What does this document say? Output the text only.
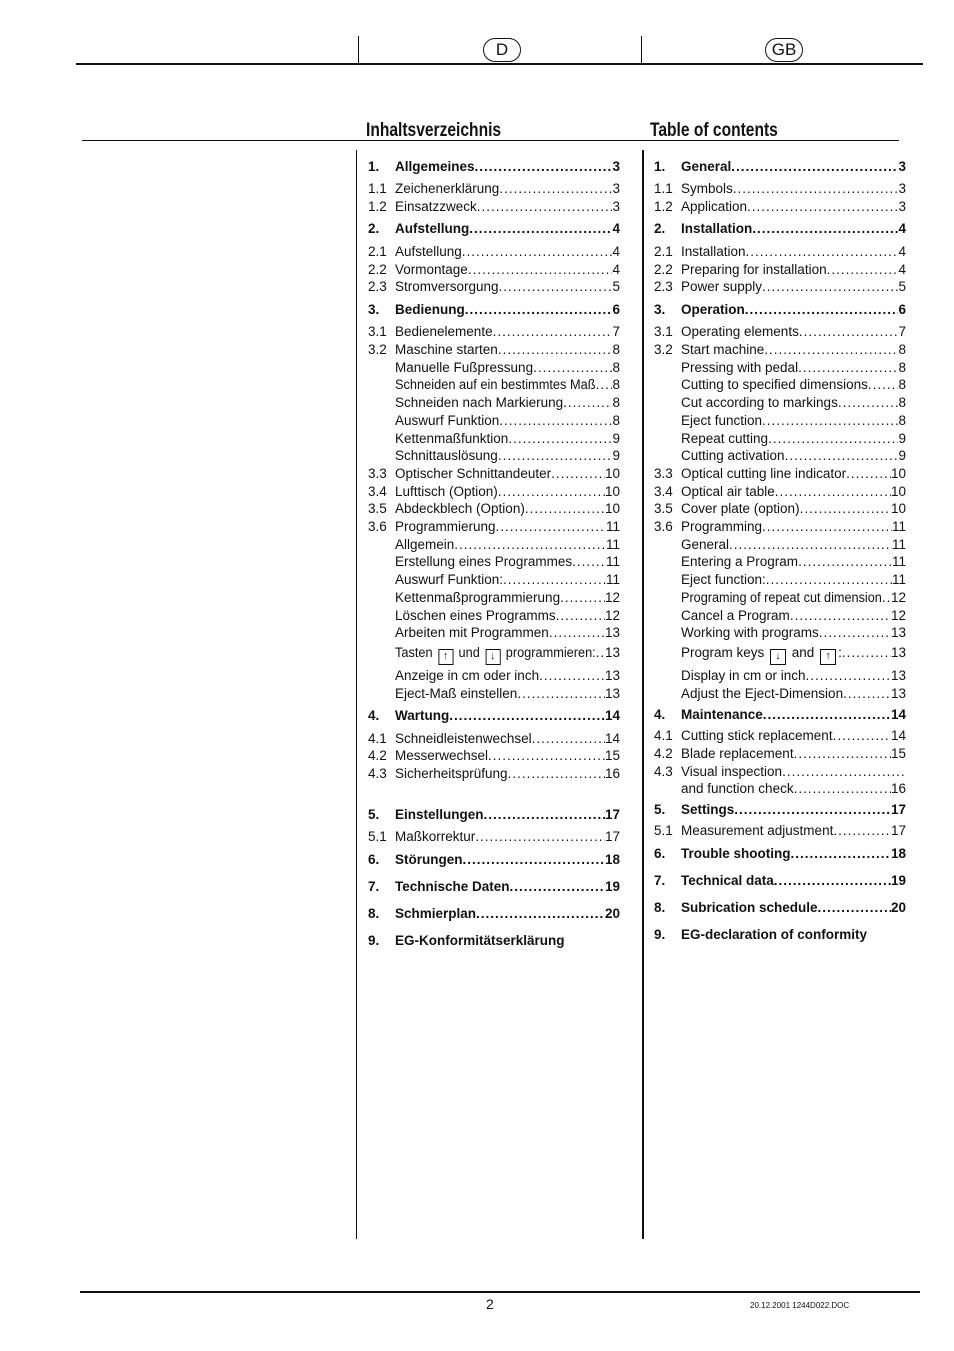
D	GB
Inhaltsverzeichnis	Table of contents
1.	Allgemeines .....	3
1.1 Zeichenerklärung .....	3
1.2 Einsatzzweck .....	3
2.	Aufstellung .....	4
2.1 Aufstellung .....	4
2.2 Vormontage .....	4
2.3 Stromversorgung .....	5
3.	Bedienung .....	6
3.1 Bedienelemente .....	7
3.2 Maschine starten .....	8
Manuelle Fußpressung .....	8
Schneiden auf ein bestimmtes Maß ..... 8
Schneiden nach Markierung .....	8
Auswurf Funktion .....	8
Kettenmaßfunktion .....	9
Schnittauslösung .....	9
3.3 Optischer Schnittandeuter .....	10
3.4 Lufttisch (Option) .....	10
3.5 Abdeckblech (Option) .....	10
3.6 Programmierung .....	11
Allgemein .....	11
Erstellung eines Programmes .....	11
Auswurf Funktion: .....	11
Kettenmaßprogrammierung .....	12
Löschen eines Programms .....	12
Arbeiten mit Programmen .....	13
Tasten ↑ und ↓ programmieren: ..... 13
Anzeige in cm oder inch .....	13
Eject-Maß einstellen .....	13
4.	Wartung .....	14
4.1 Schneidleistenwechsel .....	14
4.2 Messerwechsel .....	15
4.3 Sicherheitsprüfung .....	16
5.	Einstellungen .....	17
5.1 Maßkorrektur .....	17
6.	Störungen .....	18
7.	Technische Daten .....	19
8.	Schmierplan .....	20
9.	EG-Konformitätserklärung
1.	General .....	3
1.1 Symbols .....	3
1.2 Application .....	3
2.	Installation .....	4
2.1 Installation .....	4
2.2 Preparing for installation .....	4
2.3 Power supply .....	5
3.	Operation .....	6
3.1 Operating elements .....	7
3.2 Start machine .....	8
Pressing with pedal .....	8
Cutting to specified dimensions ..... 8
Cut according to markings .....	8
Eject function .....	8
Repeat cutting .....	9
Cutting activation .....	9
3.3 Optical cutting line indicator .....	10
3.4 Optical air table .....	10
3.5 Cover plate (option) .....	10
3.6 Programming .....	11
General .....	11
Entering a Program .....	11
Eject function: .....	11
Programing of repeat cut dimension ..... 12
Cancel a Program .....	12
Working with programs .....	13
Program keys ↓ and ↑ : .....	13
Display in cm or inch .....	13
Adjust the Eject-Dimension .....	13
4.	Maintenance .....	14
4.1 Cutting stick replacement .....	14
4.2 Blade replacement .....	15
4.3 Visual inspection
.....
and function check .....	16
5.	Settings .....	17
5.1 Measurement adjustment .....	17
6.	Trouble shooting .....	18
7.	Technical data .....	19
8.	Subrication schedule .....	20
9.	EG-declaration of conformity
2	20.12.2001 1244D022.DOC
